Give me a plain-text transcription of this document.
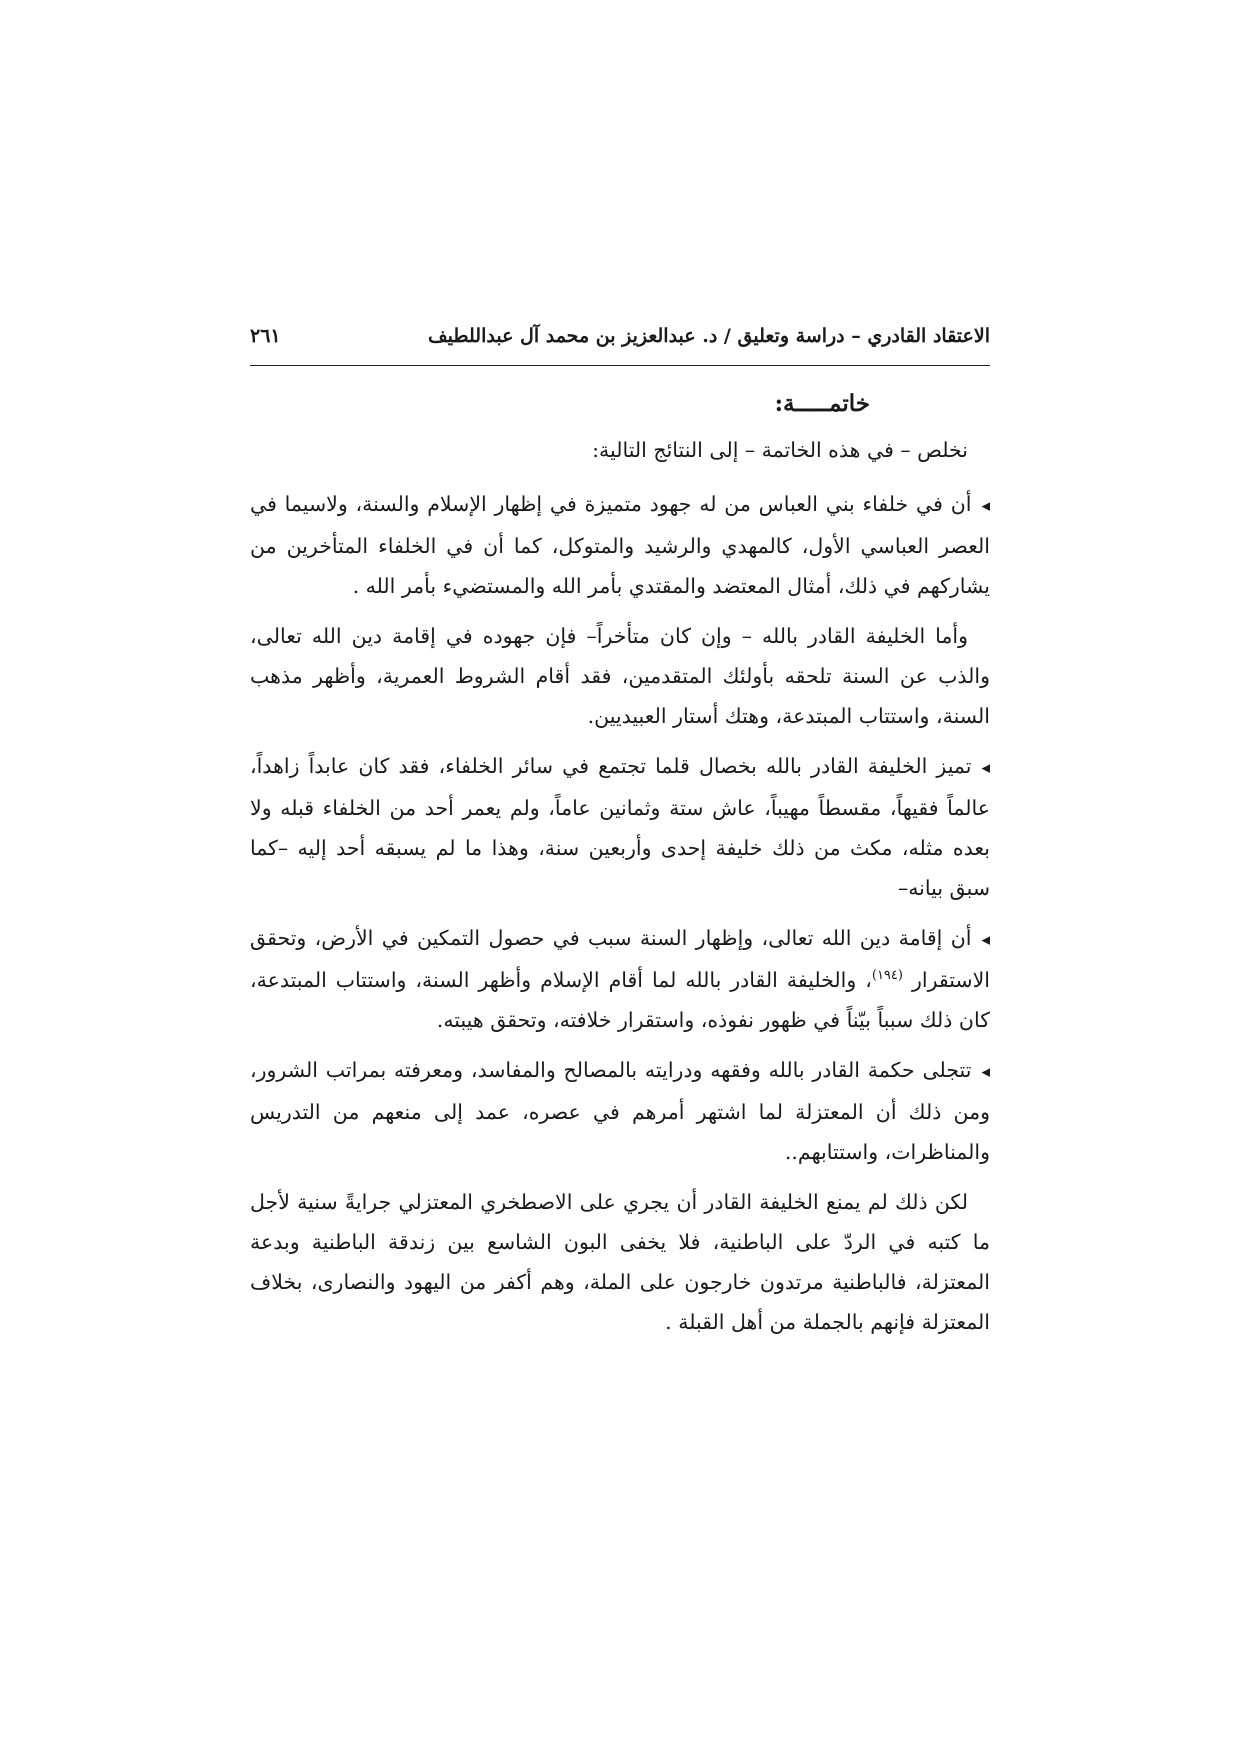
الاعتقاد القادري – دراسة وتعليق / د. عبدالعزيز بن محمد آل عبداللطيف
٢٦١
خاتمـــــة:

نخلص – في هذه الخاتمة – إلى النتائج التالية:

◂أن في خلفاء بني العباس من له جهود متميزة في إظهار الإسلام والسنة، ولاسيما في العصر العباسي الأول، كالمهدي والرشيد والمتوكل، كما أن في الخلفاء المتأخرين من يشاركهم في ذلك، أمثال المعتضد والمقتدي بأمر الله والمستضيء بأمر الله .

وأما الخليفة القادر بالله – وإن كان متأخراً– فإن جهوده في إقامة دين الله تعالى، والذب عن السنة تلحقه بأولئك المتقدمين، فقد أقام الشروط العمرية، وأظهر مذهب السنة، واستتاب المبتدعة، وهتك أستار العبيديين.

◂تميز الخليفة القادر بالله بخصال قلما تجتمع في سائر الخلفاء، فقد كان عابداً زاهداً، عالماً فقيهاً، مقسطاً مهيباً، عاش ستة وثمانين عاماً، ولم يعمر أحد من الخلفاء قبله ولا بعده مثله، مكث من ذلك خليفة إحدى وأربعين سنة، وهذا ما لم يسبقه أحد إليه –كما سبق بيانه–

◂أن إقامة دين الله تعالى، وإظهار السنة سبب في حصول التمكين في الأرض، وتحقق الاستقرار $^{(١٩٤)}$، والخليفة القادر بالله لما أقام الإسلام وأظهر السنة، واستتاب المبتدعة، كان ذلك سبباً بيّناً في ظهور نفوذه، واستقرار خلافته، وتحقق هيبته.

◂تتجلى حكمة القادر بالله وفقهه ودرايته بالمصالح والمفاسد، ومعرفته بمراتب الشرور، ومن ذلك أن المعتزلة لما اشتهر أمرهم في عصره، عمد إلى منعهم من التدريس والمناظرات، واستتابهم..

لكن ذلك لم يمنع الخليفة القادر أن يجري على الاصطخري المعتزلي جرايةً سنية لأجل ما كتبه في الردّ على الباطنية، فلا يخفى البون الشاسع بين زندقة الباطنية وبدعة المعتزلة، فالباطنية مرتدون خارجون على الملة، وهم أكفر من اليهود والنصارى، بخلاف المعتزلة فإنهم بالجملة من أهل القبلة .
